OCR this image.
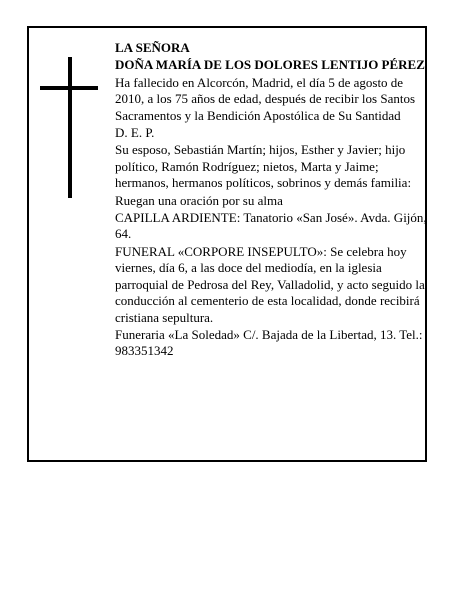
LA SEÑORA

DOÑA MARÍA DE LOS DOLORES LENTIJO PÉREZ

Ha fallecido en Alcorcón, Madrid, el día 5 de agosto de 2010, a los 75 años de edad, después de recibir los Santos Sacramentos y la Bendición Apostólica de Su Santidad

D. E. P.

Su esposo, Sebastián Martín; hijos, Esther y Javier; hijo político, Ramón Rodríguez; nietos, Marta y Jaime; hermanos, hermanos políticos, sobrinos y demás familia:

Ruegan una oración por su alma

CAPILLA ARDIENTE: Tanatorio «San José». Avda. Gijón, 64.

FUNERAL «CORPORE INSEPULTO»: Se celebra hoy viernes, día 6, a las doce del mediodía, en la iglesia parroquial de Pedrosa del Rey, Valladolid, y acto seguido la conducción al cementerio de esta localidad, donde recibirá cristiana sepultura.

Funeraria «La Soledad» C/. Bajada de la Libertad, 13. Tel.: 983351342
